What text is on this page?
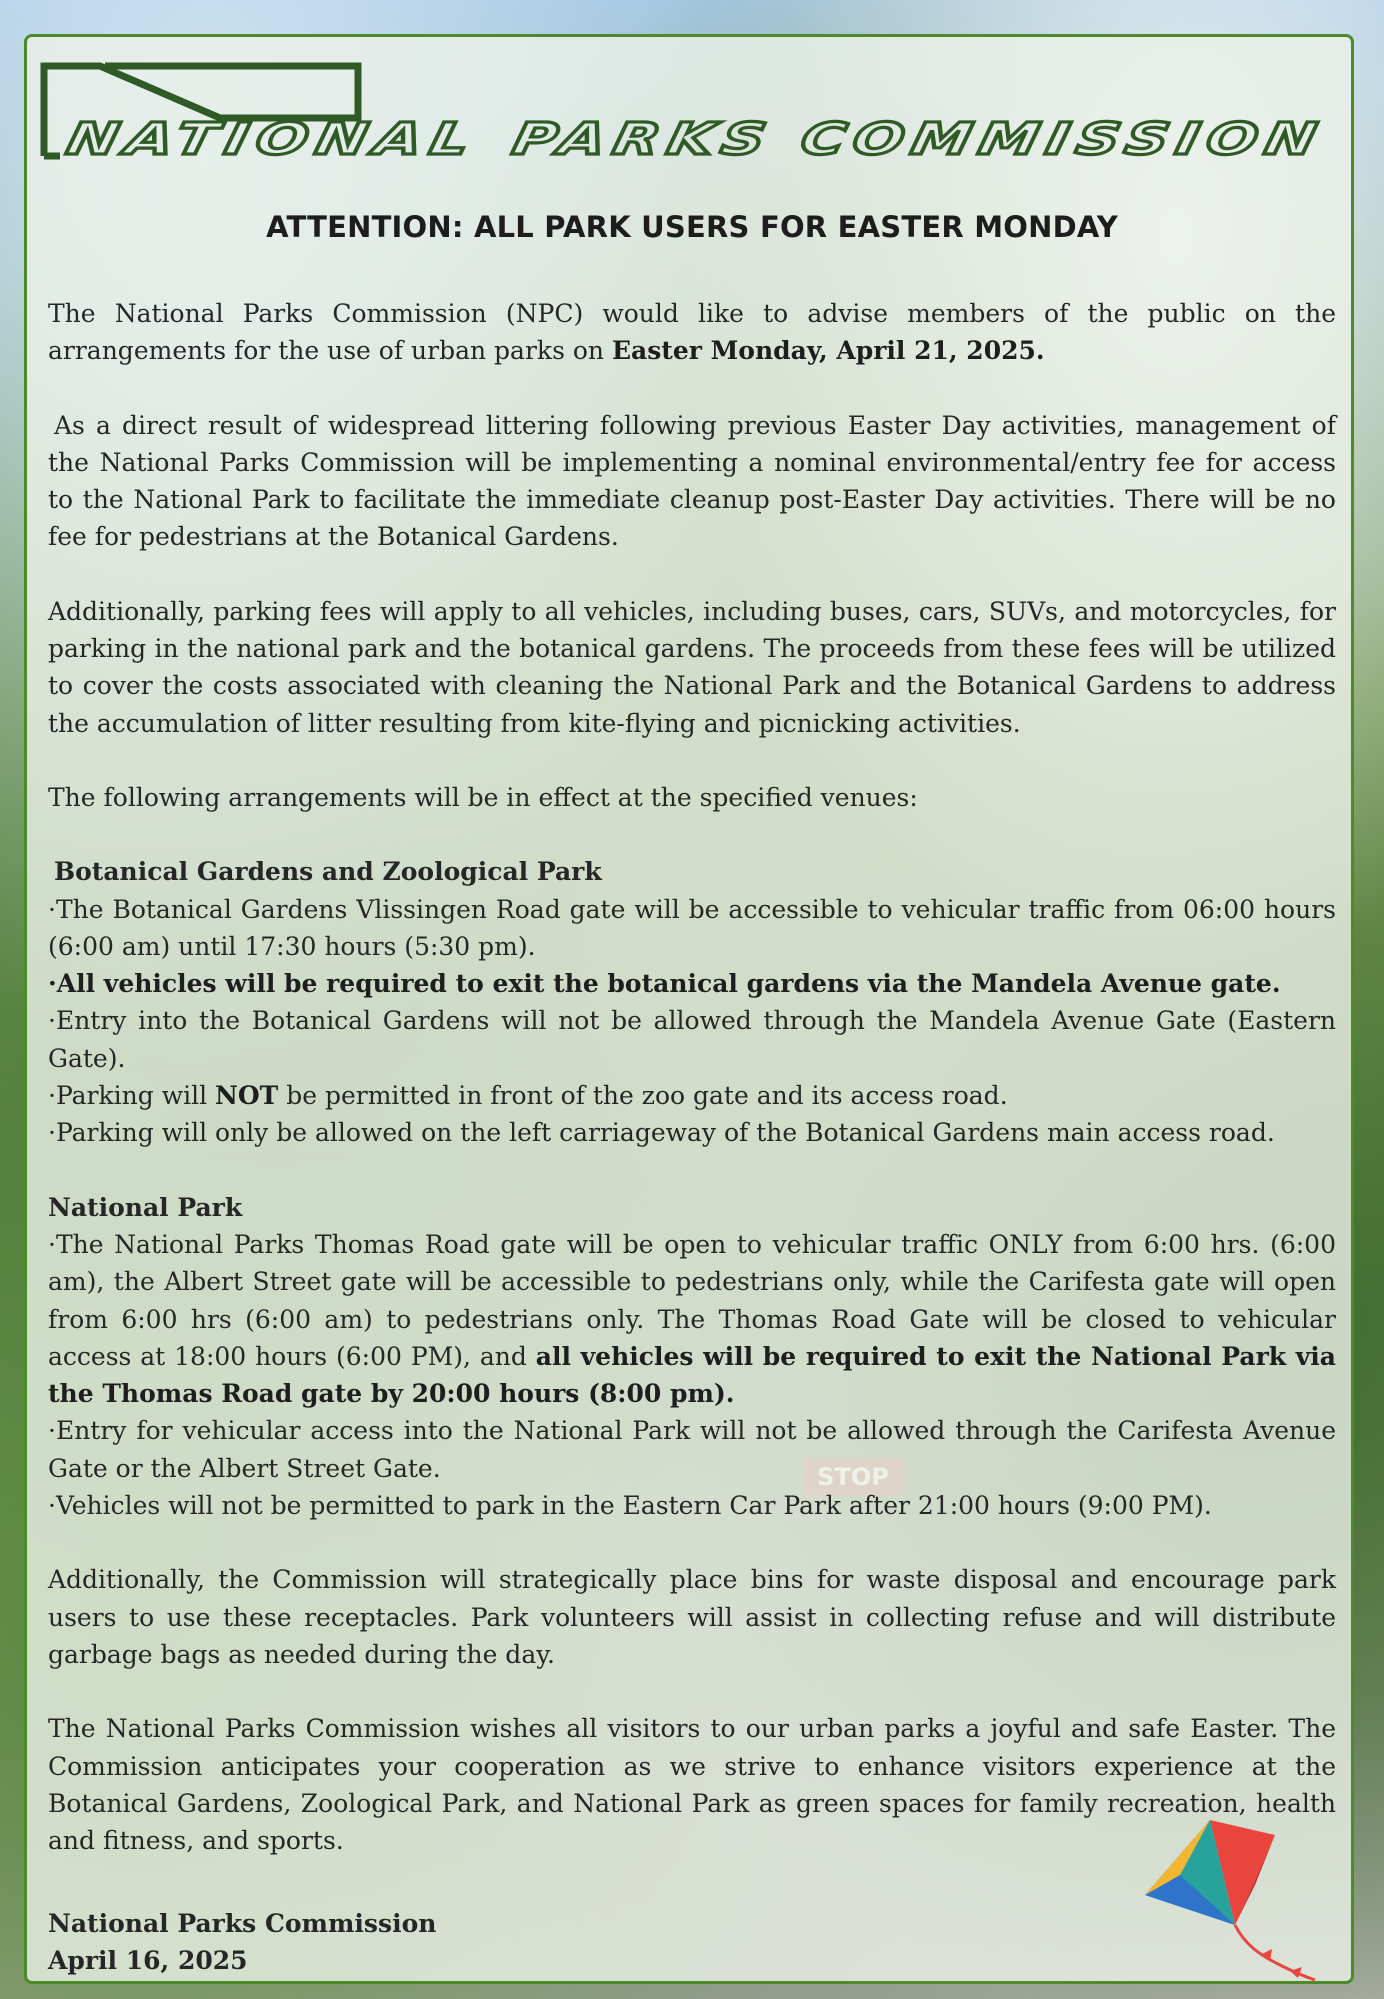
NATIONAL	PARKS COMMISSION
ATTENTION: ALL PARK USERS FOR EASTER MONDAY

The National Parks Commission (NPC) would like to advise members of the public on the arrangements for the use of urban parks on Easter Monday, April 21, 2025.

As a direct result of widespread littering following previous Easter Day activities, management of the National Parks Commission will be implementing a nominal environmental/entry fee for access to the National Park to facilitate the immediate cleanup post-Easter Day activities. There will be no fee for pedestrians at the Botanical Gardens.

Additionally, parking fees will apply to all vehicles, including buses, cars, SUVs, and motorcycles, for parking in the national park and the botanical gardens. The proceeds from these fees will be utilized to cover the costs associated with cleaning the National Park and the Botanical Gardens to address the accumulation of litter resulting from kite-flying and picnicking activities.

The following arrangements will be in effect at the specified venues:

Botanical Gardens and Zoological Park
·The Botanical Gardens Vlissingen Road gate will be accessible to vehicular traffic from 06:00 hours (6:00 am) until 17:30 hours (5:30 pm).
·All vehicles will be required to exit the botanical gardens via the Mandela Avenue gate.
·Entry into the Botanical Gardens will not be allowed through the Mandela Avenue Gate (Eastern Gate).
·Parking will NOT be permitted in front of the zoo gate and its access road.
·Parking will only be allowed on the left carriageway of the Botanical Gardens main access road.

National Park
·The National Parks Thomas Road gate will be open to vehicular traffic ONLY from 6:00 hrs. (6:00 am), the Albert Street gate will be accessible to pedestrians only, while the Carifesta gate will open from 6:00 hrs (6:00 am) to pedestrians only. The Thomas Road Gate will be closed to vehicular access at 18:00 hours (6:00 PM), and all vehicles will be required to exit the National Park via the Thomas Road gate by 20:00 hours (8:00 pm).
·Entry for vehicular access into the National Park will not be allowed through the Carifesta Avenue Gate or the Albert Street Gate.
·Vehicles will not be permitted to park in the Eastern Car Park after 21:00 hours (9:00 PM).

Additionally, the Commission will strategically place bins for waste disposal and encourage park users to use these receptacles. Park volunteers will assist in collecting refuse and will distribute garbage bags as needed during the day.

The National Parks Commission wishes all visitors to our urban parks a joyful and safe Easter. The Commission anticipates your cooperation as we strive to enhance visitors experience at the Botanical Gardens, Zoological Park, and National Park as green spaces for family recreation, health and fitness, and sports.

National Parks Commission
April 16, 2025
